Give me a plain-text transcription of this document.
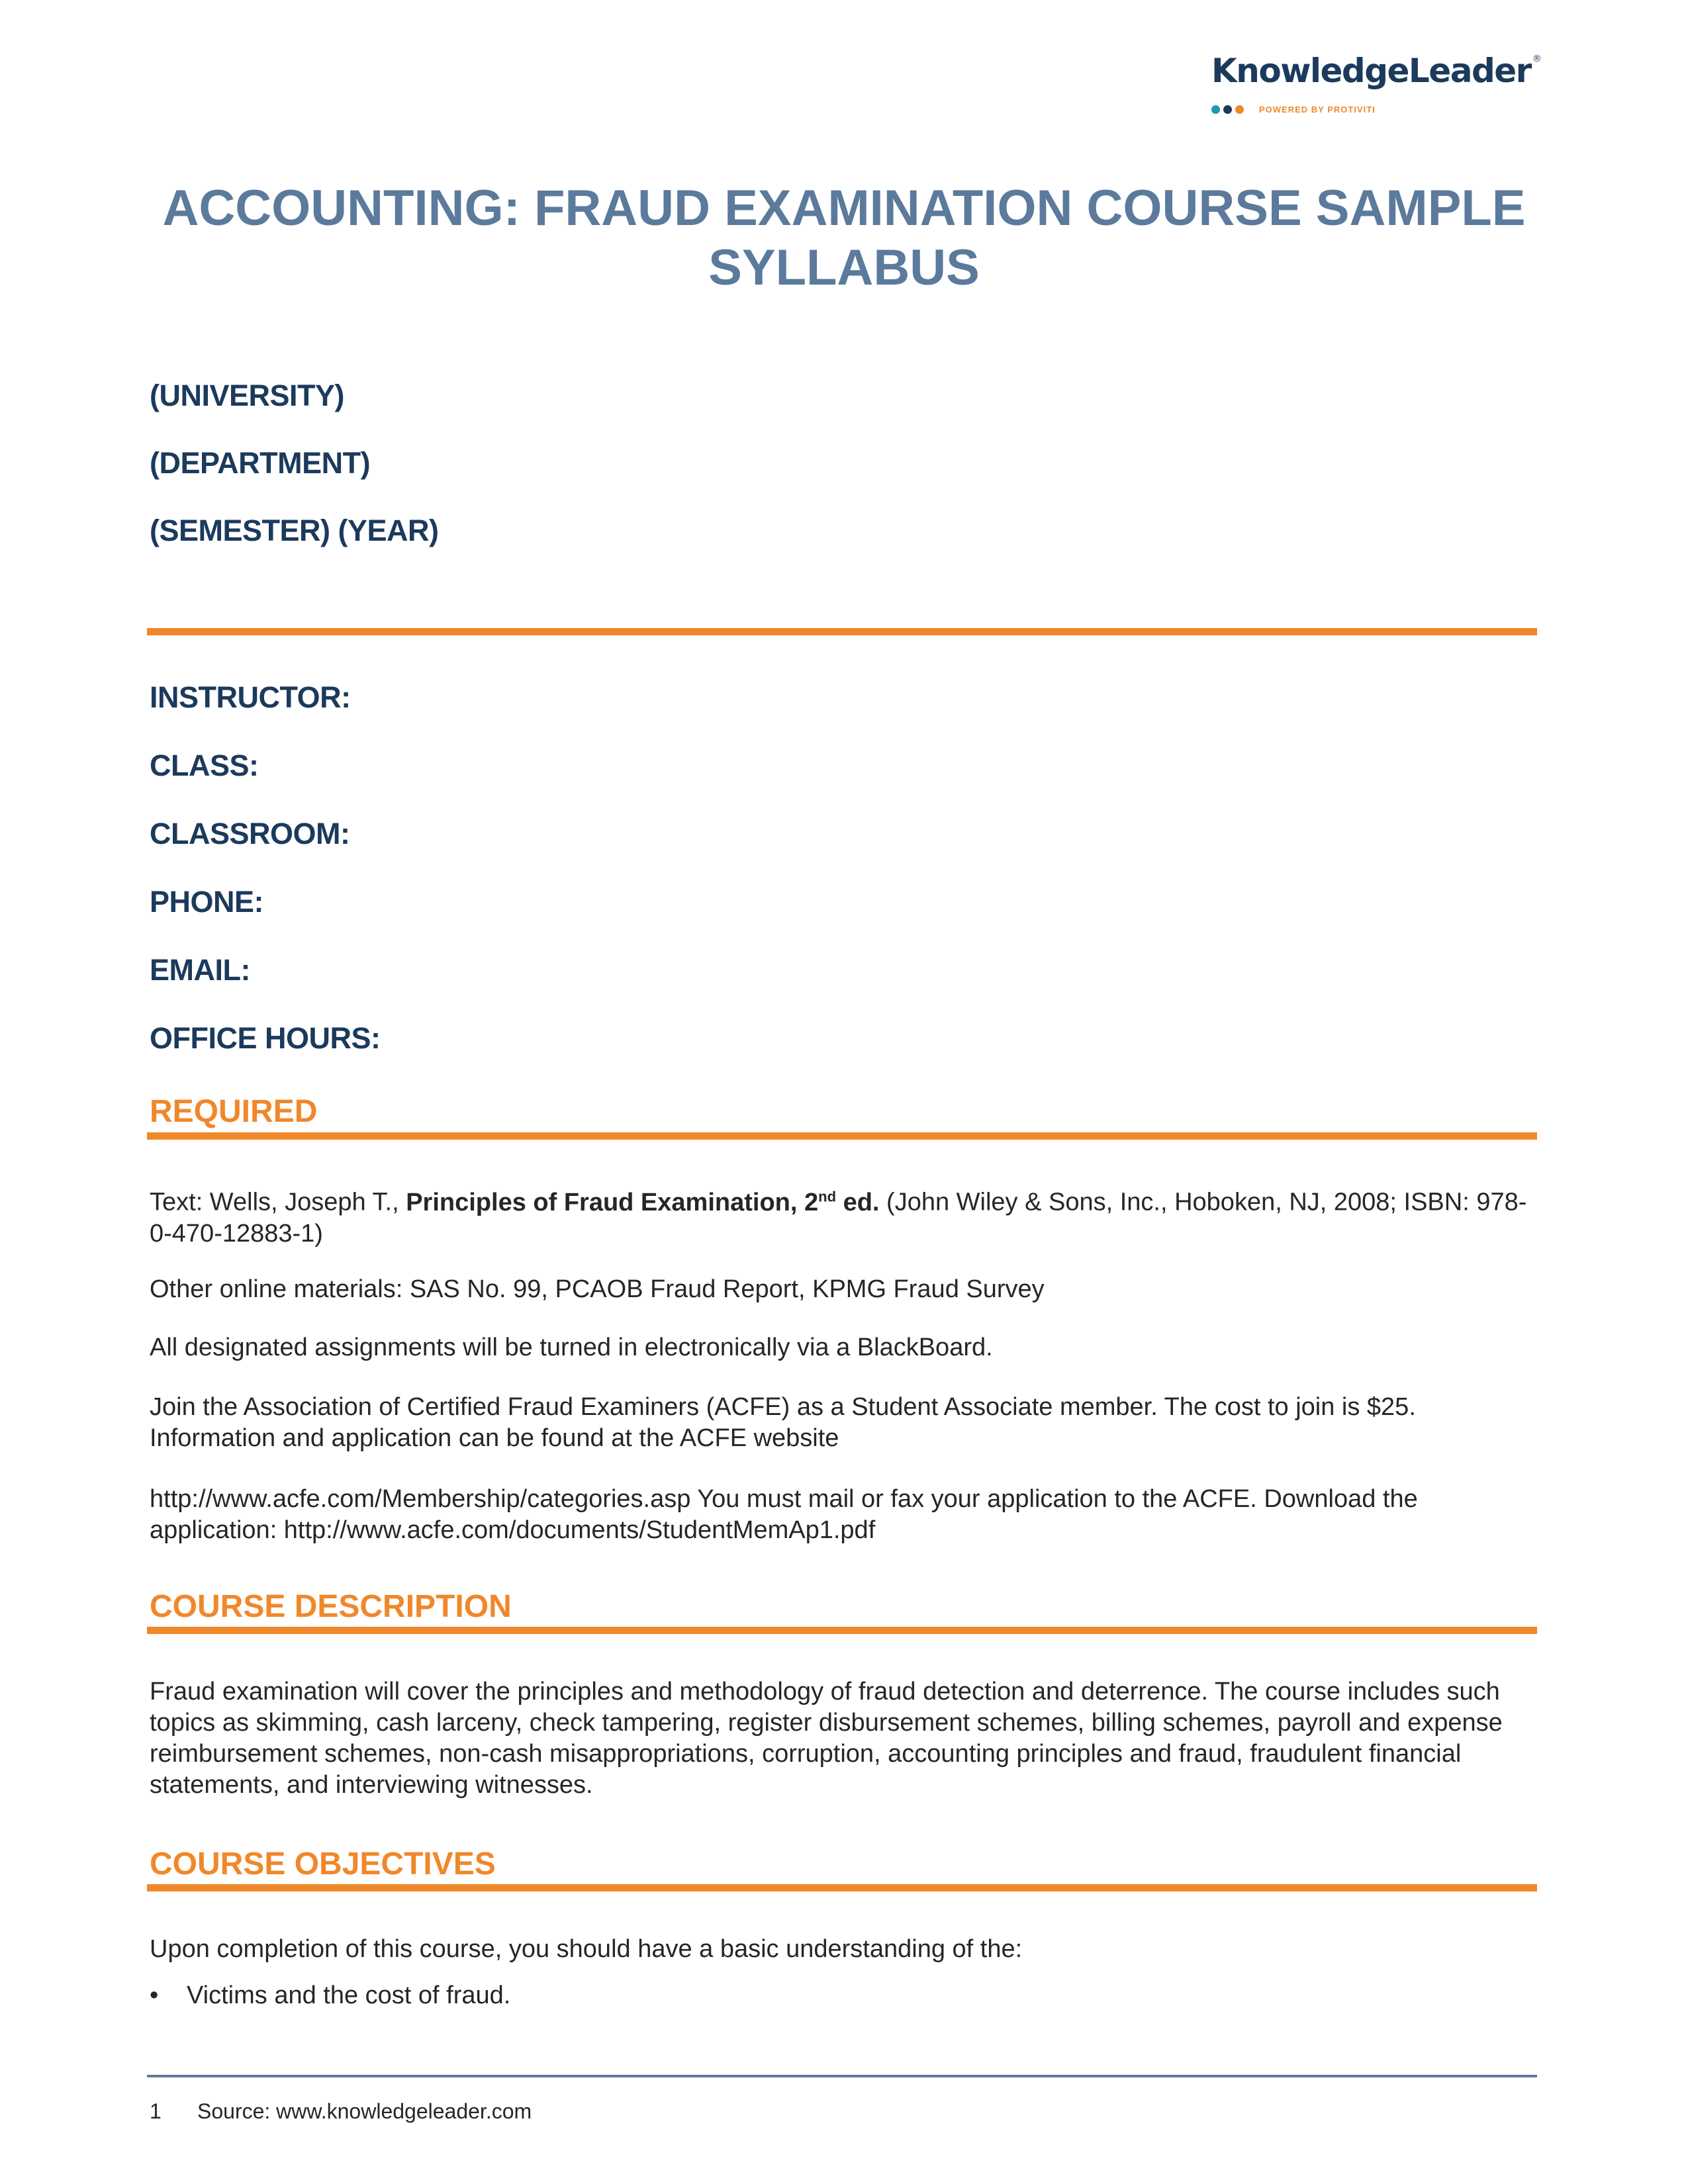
KnowledgeLeader ®
POWERED BY PROTIVITI
ACCOUNTING: FRAUD EXAMINATION COURSE SAMPLE SYLLABUS

(UNIVERSITY)

(DEPARTMENT)

(SEMESTER) (YEAR)

INSTRUCTOR:

CLASS:

CLASSROOM:

PHONE:

EMAIL:

OFFICE HOURS:

REQUIRED

Text: Wells, Joseph T., Principles of Fraud Examination, 2nd ed. (John Wiley & Sons, Inc., Hoboken, NJ, 2008; ISBN: 978-0-470-12883-1)

Other online materials: SAS No. 99, PCAOB Fraud Report, KPMG Fraud Survey

All designated assignments will be turned in electronically via a BlackBoard.

Join the Association of Certified Fraud Examiners (ACFE) as a Student Associate member. The cost to join is $25. Information and application can be found at the ACFE website

http://www.acfe.com/Membership/categories.asp You must mail or fax your application to the ACFE. Download the application: http://www.acfe.com/documents/StudentMemAp1.pdf

COURSE DESCRIPTION

Fraud examination will cover the principles and methodology of fraud detection and deterrence. The course includes such topics as skimming, cash larceny, check tampering, register disbursement schemes, billing schemes, payroll and expense reimbursement schemes, non-cash misappropriations, corruption, accounting principles and fraud, fraudulent financial statements, and interviewing witnesses.

COURSE OBJECTIVES

Upon completion of this course, you should have a basic understanding of the:

• Victims and the cost of fraud.

1 Source: www.knowledgeleader.com
